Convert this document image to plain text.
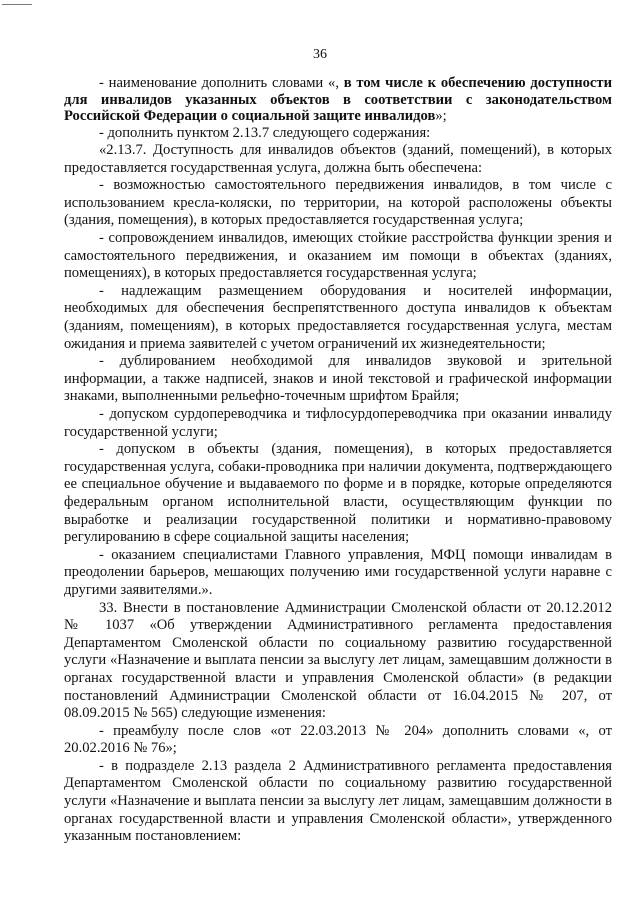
36

- наименование дополнить словами «, в том числе к обеспечению доступности для инвалидов указанных объектов в соответствии с законодательством Российской Федерации о социальной защите инвалидов»;

- дополнить пунктом 2.13.7 следующего содержания:

«2.13.7. Доступность для инвалидов объектов (зданий, помещений), в которых предоставляется государственная услуга, должна быть обеспечена:

- возможностью самостоятельного передвижения инвалидов, в том числе с использованием кресла-коляски, по территории, на которой расположены объекты (здания, помещения), в которых предоставляется государственная услуга;

- сопровождением инвалидов, имеющих стойкие расстройства функции зрения и самостоятельного передвижения, и оказанием им помощи в объектах (зданиях, помещениях), в которых предоставляется государственная услуга;

- надлежащим размещением оборудования и носителей информации, необходимых для обеспечения беспрепятственного доступа инвалидов к объектам (зданиям, помещениям), в которых предоставляется государственная услуга, местам ожидания и приема заявителей с учетом ограничений их жизнедеятельности;

- дублированием необходимой для инвалидов звуковой и зрительной информации, а также надписей, знаков и иной текстовой и графической информации знаками, выполненными рельефно-точечным шрифтом Брайля;

- допуском сурдопереводчика и тифлосурдопереводчика при оказании инвалиду государственной услуги;

- допуском в объекты (здания, помещения), в которых предоставляется государственная услуга, собаки-проводника при наличии документа, подтверждающего ее специальное обучение и выдаваемого по форме и в порядке, которые определяются федеральным органом исполнительной власти, осуществляющим функции по выработке и реализации государственной политики и нормативно-правовому регулированию в сфере социальной защиты населения;

- оказанием специалистами Главного управления, МФЦ помощи инвалидам в преодолении барьеров, мешающих получению ими государственной услуги наравне с другими заявителями.».

33. Внести в постановление Администрации Смоленской области от 20.12.2012 № 1037 «Об утверждении Административного регламента предоставления Департаментом Смоленской области по социальному развитию государственной услуги «Назначение и выплата пенсии за выслугу лет лицам, замещавшим должности в органах государственной власти и управления Смоленской области» (в редакции постановлений Администрации Смоленской области от 16.04.2015 № 207, от 08.09.2015 № 565) следующие изменения:

- преамбулу после слов «от 22.03.2013 № 204» дополнить словами «, от 20.02.2016 № 76»;

- в подразделе 2.13 раздела 2 Административного регламента предоставления Департаментом Смоленской области по социальному развитию государственной услуги «Назначение и выплата пенсии за выслугу лет лицам, замещавшим должности в органах государственной власти и управления Смоленской области», утвержденного указанным постановлением:
